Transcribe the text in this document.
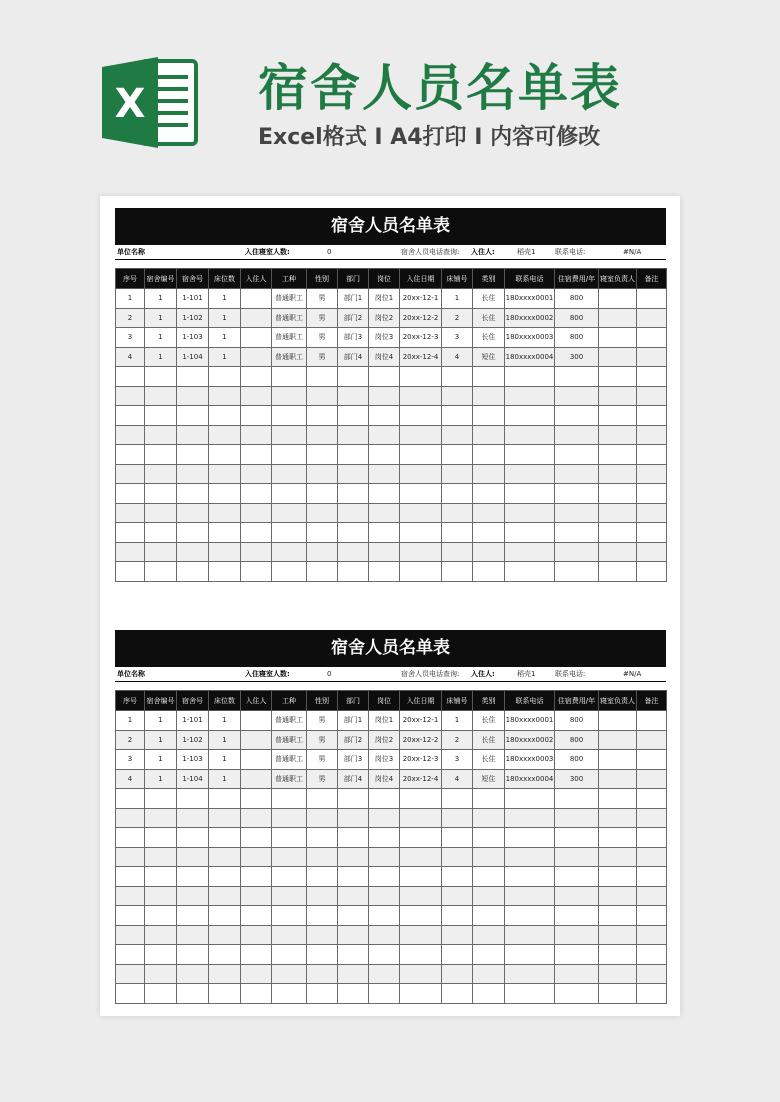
X 宿舍人员名单表
Excel格式 I A4打印 I 内容可修改
宿舍人员名单表
单位名称	入住寝室人数:	0	宿舍人员电话查询: 入住人:	稻壳1	联系电话:	#N/A
序号	宿舍编号	宿舍号	床位数	入住人	工种	性别	部门	岗位	入住日期	床铺号	类别	联系电话	住宿费用/年	寝室负责人	备注
1	1	1-101	1		普通职工	男	部门1	岗位1	20xx-12-1	1	长住	180xxxx0001	800		
2	1	1-102	1		普通职工	男	部门2	岗位2	20xx-12-2	2	长住	180xxxx0002	800		
3	1	1-103	1		普通职工	男	部门3	岗位3	20xx-12-3	3	长住	180xxxx0003	800		
4	1	1-104	1		普通职工	男	部门4	岗位4	20xx-12-4	4	短住	180xxxx0004	300		

宿舍人员名单表
单位名称	入住寝室人数:	0	宿舍人员电话查询: 入住人:	稻壳1	联系电话:	#N/A
序号	宿舍编号	宿舍号	床位数	入住人	工种	性别	部门	岗位	入住日期	床铺号	类别	联系电话	住宿费用/年	寝室负责人	备注
1	1	1-101	1		普通职工	男	部门1	岗位1	20xx-12-1	1	长住	180xxxx0001	800		
2	1	1-102	1		普通职工	男	部门2	岗位2	20xx-12-2	2	长住	180xxxx0002	800		
3	1	1-103	1		普通职工	男	部门3	岗位3	20xx-12-3	3	长住	180xxxx0003	800		
4	1	1-104	1		普通职工	男	部门4	岗位4	20xx-12-4	4	短住	180xxxx0004	300		
